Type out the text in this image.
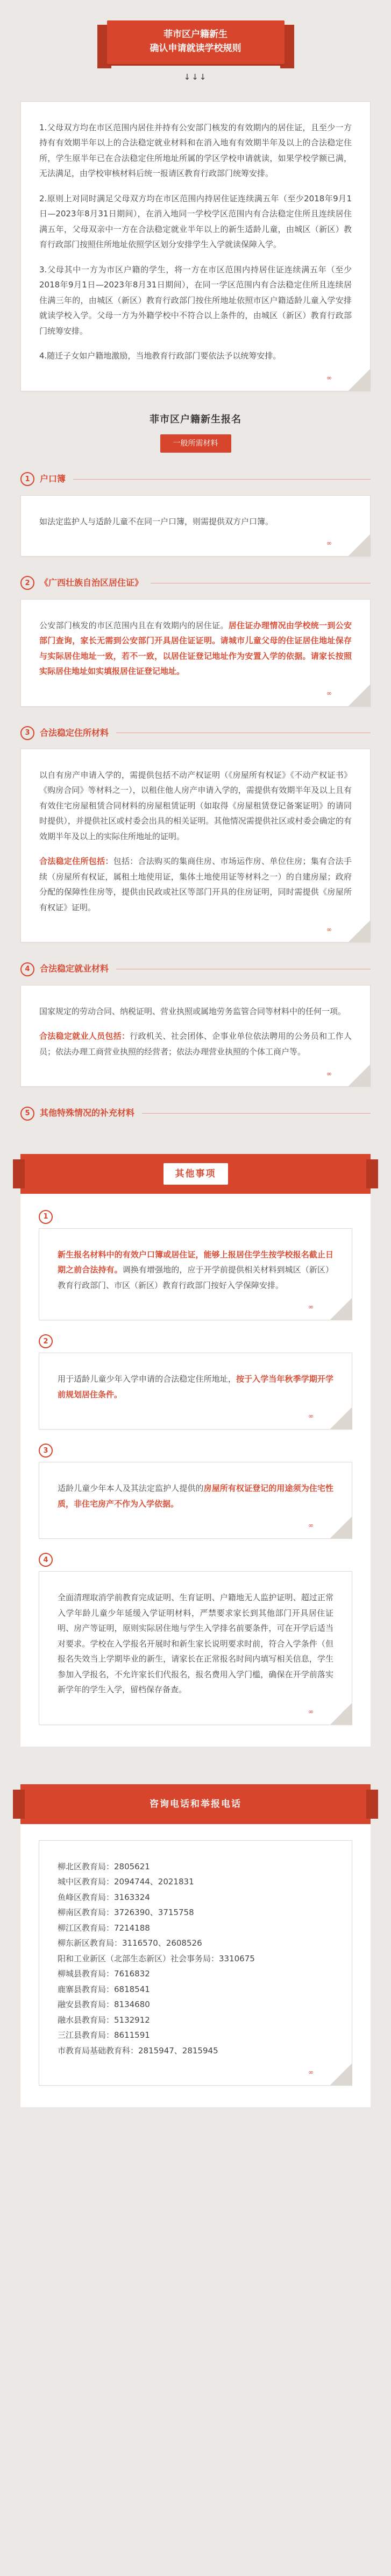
菲市区户籍新生
确认申请就读学校规则
↓↓↓

1.父母双方均在市区范围内居住并持有公安部门核发的有效期内的居住证，且至少一方持有有效期半年以上的合法稳定就业材料和在消入地有有效期半年及以上的合法稳定住所，学生原半年已在合法稳定住所地址所属的学区学校申请就读，如果学校学额已满，无法满足，由学校审核材料后统一报请区教育行政部门统筹安排。

2.原则上对同时满足父母双方均在市区范围内持居住证连续满五年（至少2018年9月1日—2023年8月31日期间），在消入地同一学校学区范围内有合法稳定住所且连续居住满五年，父母双亲中一方在合法稳定就业半年以上的新生适龄儿童，由城区（新区）教育行政部门按照住所地址依照学区划分安排学生入学就读保障入学。

3.父母其中一方为市区户籍的学生，将一方在市区范围内持居住证连续满五年（至少2018年9月1日—2023年8月31日期间），在同一学区范围内有合法稳定住所且连续居住满三年的，由城区（新区）教育行政部门按住所地址依照市区户籍适龄儿童入学安排就读学校入学。父母一方为外籍学校中不符合以上条件的，由城区（新区）教育行政部门统筹安排。

4.随迁子女如户籍地激励，当地教育行政部门要依法予以统筹安排。

∞
菲市区户籍新生报名
一般所需材料
1	户口簿

如法定监护人与适龄儿童不在同一户口簿，则需提供双方户口簿。

∞
2	《广西壮族自治区居住证》

公安部门核发的市区范围内且在有效期内的居住证。居住证办理情况由学校统一到公安部门查询，家长无需到公安部门开具居住证证明。请城市儿童父母的住证居住地址保存与实际居住地址一致，若不一致，以居住证登记地址作为安置入学的依据。请家长按照实际居住地址如实填报居住证登记地址。

∞
3	合法稳定住所材料

以自有房产申请入学的，需提供包括不动产权证明（《房屋所有权证》《不动产权证书》《购房合同》等材料之一），以租住他人房产申请入学的，需提供有效期半年及以上且有有效住宅房屋租赁合同材料的房屋租赁证明（如取得《房屋租赁登记备案证明》的请同时提供），并提供社区或村委会出具的相关证明。其他情况需提供社区或村委会确定的有效期半年及以上的实际住所地址的证明。

合法稳定住所包括：包括：合法购买的集商住房、市场运作房、单位住房；集有合法手续（房屋所有权证，属租土地使用证，集体土地使用证等材料之一）的自建房屋；政府分配的保障性住房等，提供由民政或社区等部门开具的住房证明，同时需提供《房屋所有权证》证明。

∞
4	合法稳定就业材料

国家规定的劳动合同、纳税证明、营业执照或属地劳务监管合同等材料中的任何一项。

合法稳定就业人员包括：行政机关、社会团体、企事业单位依法聘用的公务员和工作人员；依法办理工商营业执照的经营者；依法办理营业执照的个体工商户等。

∞
5	其他特殊情况的补充材料
其他事项
1

新生报名材料中的有效户口簿或居住证，能够上报居住学生按学校报名截止日期之前合法持有。调换有增强地的，应于开学前提供相关材料到城区（新区）教育行政部门、市区（新区）教育行政部门按好入学保障安排。

∞
2

用于适龄儿童少年入学申请的合法稳定住所地址，按于入学当年秋季学期开学前规划居住条件。

∞
3

适龄儿童少年本人及其法定监护人提供的房屋所有权证登记的用途须为住宅性质，非住宅房产不作为入学依据。

∞
4

全面清理取消学前教育完成证明、生育证明、户籍地无人监护证明、超过正常入学年龄儿童少年延缓入学证明材料，严禁要求家长到其他部门开具居住证明、房产等证明，原则实际居住地与学生入学排名前要条件，可在开学后适当对要求。学校在入学报名开展时和新生家长说明要求时前，符合入学条件（但报名失效当上学期毕业的新生，请家长在正常报名时间内填写相关信息，学生参加入学报名，不允许家长们代报名，报名费用入学门槛，确保在开学前落实新学年的学生入学，留档保存备查。

∞
咨询电话和举报电话
柳北区教育局：2805621
城中区教育局：2094744、2021831
鱼峰区教育局：3163324
柳南区教育局：3726390、3715758
柳江区教育局：7214188
柳东新区教育局：3116570、2608526
阳和工业新区（北部生态新区）社会事务局：3310675
柳城县教育局：7616832
鹿寨县教育局：6818541
融安县教育局：8134680
融水县教育局：5132912
三江县教育局：8611591
市教育局基础教育科：2815947、2815945
∞
